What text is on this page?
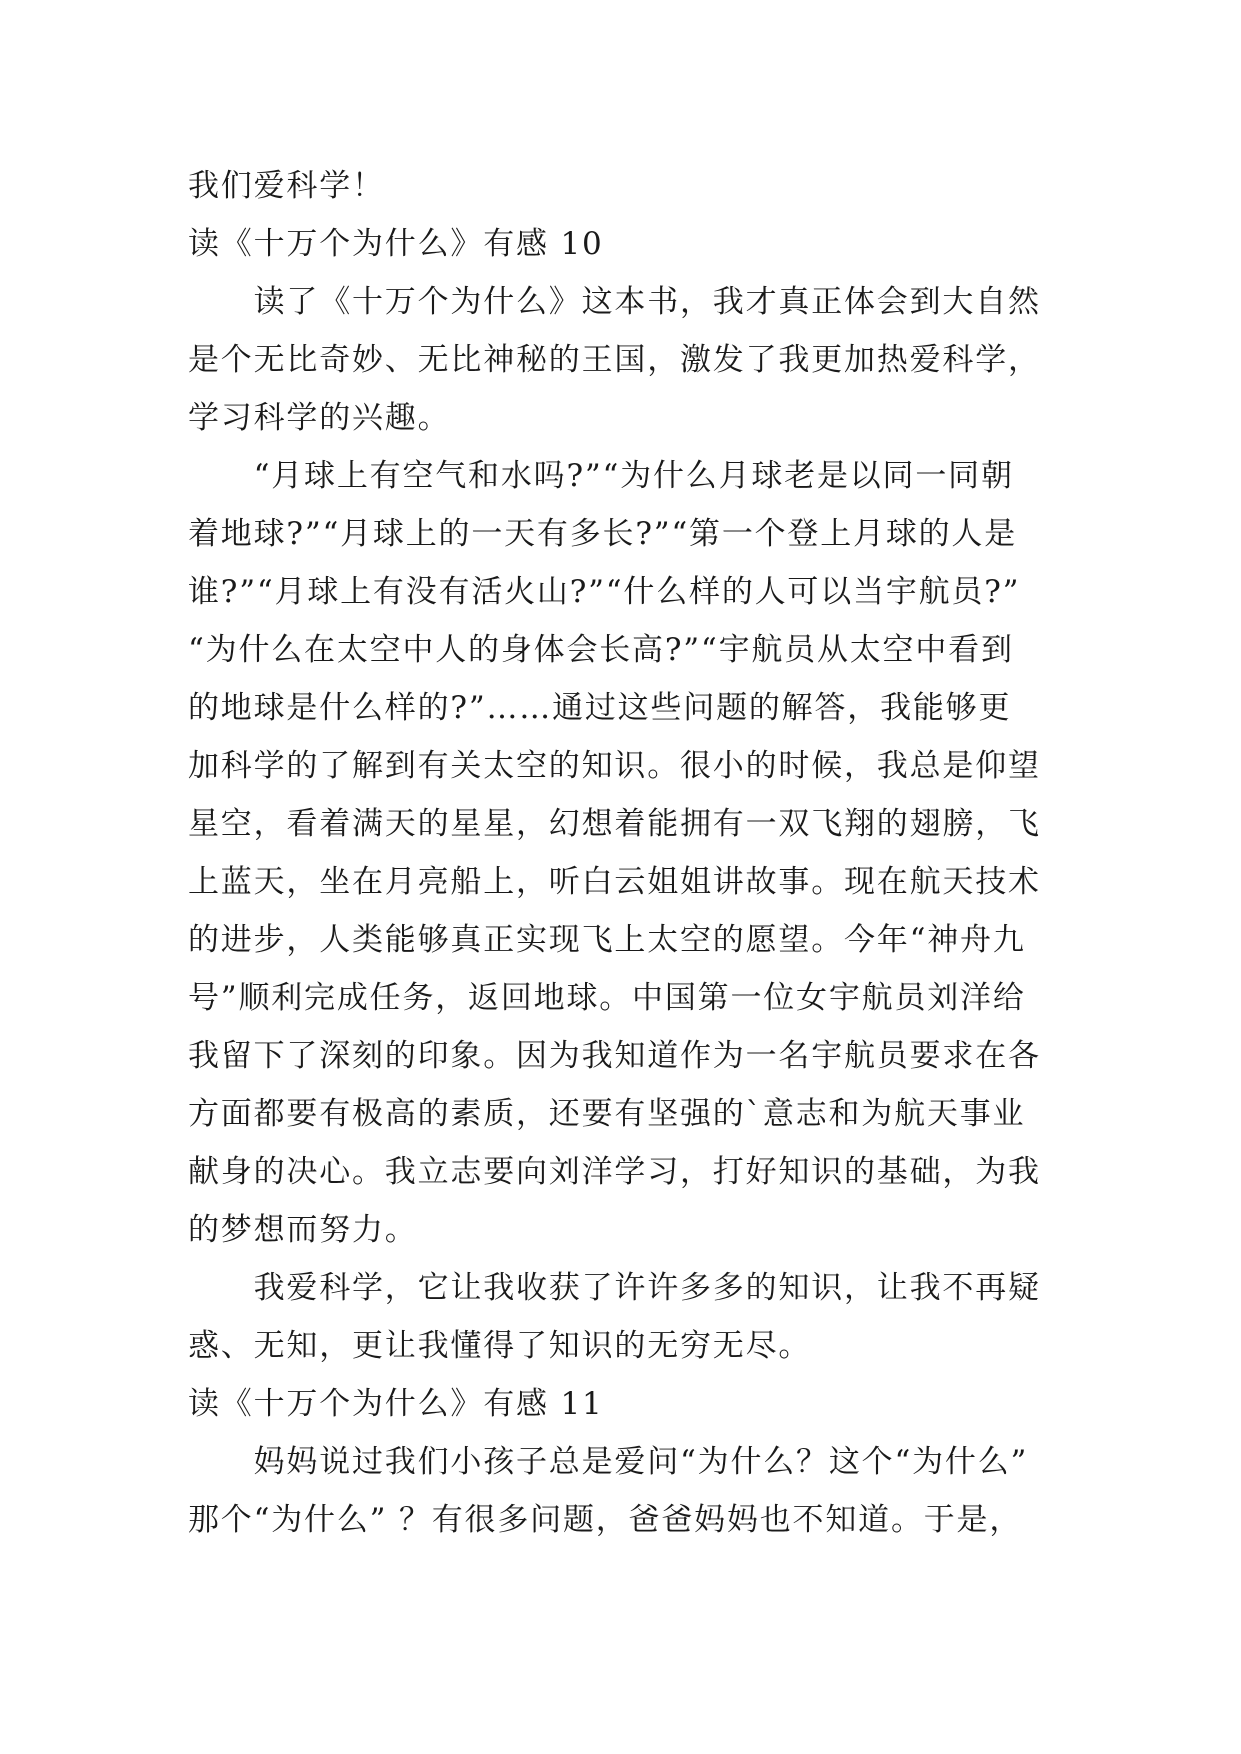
我们爱科学！
读《十万个为什么》有感 10
　　读了《十万个为什么》这本书，我才真正体会到大自然
是个无比奇妙、无比神秘的王国，激发了我更加热爱科学，
学习科学的兴趣。
　　“月球上有空气和水吗?”“为什么月球老是以同一同朝
着地球?”“月球上的一天有多长?”“第一个登上月球的人是
谁?”“月球上有没有活火山?”“什么样的人可以当宇航员?”
“为什么在太空中人的身体会长高?”“宇航员从太空中看到
的地球是什么样的?”……通过这些问题的解答，我能够更
加科学的了解到有关太空的知识。很小的时候，我总是仰望
星空，看着满天的星星，幻想着能拥有一双飞翔的翅膀，飞
上蓝天，坐在月亮船上，听白云姐姐讲故事。现在航天技术
的进步，人类能够真正实现飞上太空的愿望。今年“神舟九
号”顺利完成任务，返回地球。中国第一位女宇航员刘洋给
我留下了深刻的印象。因为我知道作为一名宇航员要求在各
方面都要有极高的素质，还要有坚强的`意志和为航天事业
献身的决心。我立志要向刘洋学习，打好知识的基础，为我
的梦想而努力。
　　我爱科学，它让我收获了许许多多的知识，让我不再疑
惑、无知，更让我懂得了知识的无穷无尽。
读《十万个为什么》有感 11
　　妈妈说过我们小孩子总是爱问“为什么？这个“为什么”
那个“为什么” ？有很多问题，爸爸妈妈也不知道。于是，
